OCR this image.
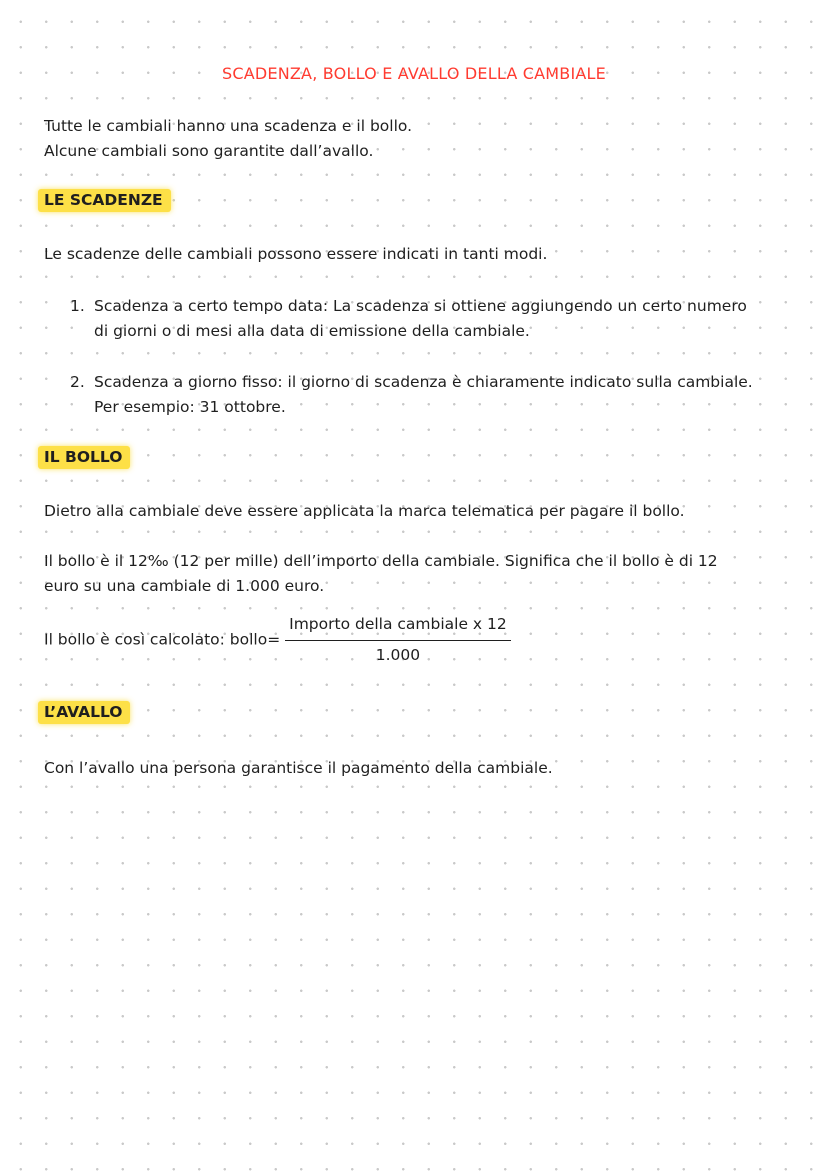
SCADENZA, BOLLO E AVALLO DELLA CAMBIALE
Tutte le cambiali hanno una scadenza e il bollo.
Alcune cambiali sono garantite dall’avallo.
LE SCADENZE
Le scadenze delle cambiali possono essere indicati in tanti modi.
1. Scadenza a certo tempo data: La scadenza si ottiene aggiungendo un certo numero
di giorni o di mesi alla data di emissione della cambiale.
2. Scadenza a giorno fisso: il giorno di scadenza è chiaramente indicato sulla cambiale.
Per esempio: 31 ottobre.
IL BOLLO
Dietro alla cambiale deve essere applicata la marca telematica per pagare il bollo.
Il bollo è il 12‰ (12 per mille) dell’importo della cambiale. Significa che il bollo è di 12
euro su una cambiale di 1.000 euro.
Il bollo è così calcolato: bollo= $\frac{\text{Importo della cambiale x 12}}{1.000}$
L’AVALLO
Con l’avallo una persona garantisce il pagamento della cambiale.
